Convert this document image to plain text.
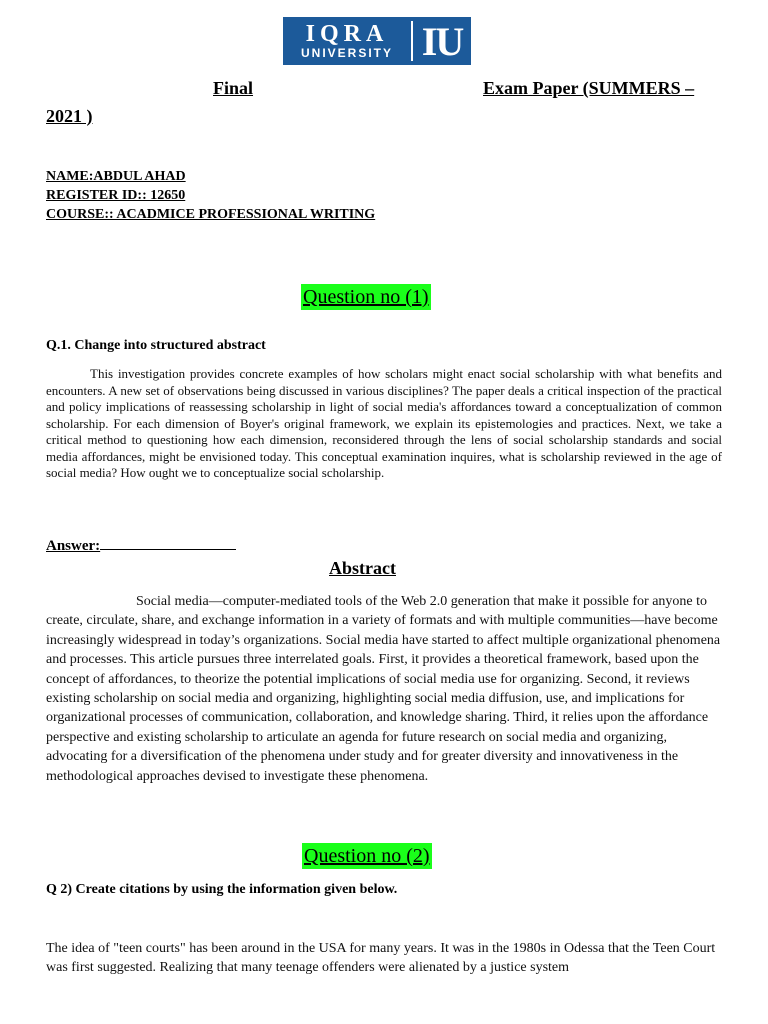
IQRA
UNIVERSITY IU
Final	Exam Paper (SUMMERS –
2021 )
NAME:ABDUL AHAD
REGISTER ID:: 12650
COURSE:: ACADMICE PROFESSIONAL WRITING
Question no (1)
Q.1. Change into structured abstract
This investigation provides concrete examples of how scholars might enact social scholarship with what benefits and encounters. A new set of observations being discussed in various disciplines? The paper deals a critical inspection of the practical and policy implications of reassessing scholarship in light of social media's affordances toward a conceptualization of common scholarship. For each dimension of Boyer's original framework, we explain its epistemologies and practices. Next, we take a critical method to questioning how each dimension, reconsidered through the lens of social scholarship standards and social media affordances, might be envisioned today. This conceptual examination inquires, what is scholarship reviewed in the age of social media? How ought we to conceptualize social scholarship.
Answer:
Abstract
Social media—computer-mediated tools of the Web 2.0 generation that make it possible for anyone to create, circulate, share, and exchange information in a variety of formats and with multiple communities—have become increasingly widespread in today’s organizations. Social media have started to affect multiple organizational phenomena and processes. This article pursues three interrelated goals. First, it provides a theoretical framework, based upon the concept of affordances, to theorize the potential implications of social media use for organizing. Second, it reviews existing scholarship on social media and organizing, highlighting social media diffusion, use, and implications for organizational processes of communication, collaboration, and knowledge sharing. Third, it relies upon the affordance perspective and existing scholarship to articulate an agenda for future research on social media and organizing, advocating for a diversification of the phenomena under study and for greater diversity and innovativeness in the methodological approaches devised to investigate these phenomena.
Question no (2)
Q 2) Create citations by using the information given below.
The idea of "teen courts" has been around in the USA for many years. It was in the 1980s in Odessa that the Teen Court was first suggested. Realizing that many teenage offenders were alienated by a justice system
